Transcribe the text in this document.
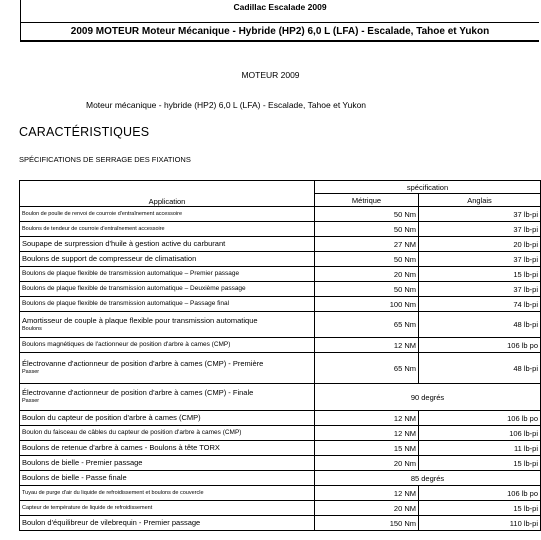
Cadillac Escalade 2009
2009 MOTEUR Moteur Mécanique - Hybride (HP2) 6,0 L (LFA) - Escalade, Tahoe et Yukon
MOTEUR 2009
Moteur mécanique - hybride (HP2) 6,0 L (LFA) - Escalade, Tahoe et Yukon
CARACTÉRISTIQUES
SPÉCIFICATIONS DE SERRAGE DES FIXATIONS
Application	spécification	
	Métrique	Anglais
Boulon de poulie de renvoi de courroie d'entraînement accessoire	50 Nm	37 lb-pi
Boulons de tendeur de courroie d'entraînement accessoire	50 Nm	37 lb-pi
Soupape de surpression d'huile à gestion active du carburant	27 NM	20 lb-pi
Boulons de support de compresseur de climatisation	50 Nm	37 lb-pi
Boulons de plaque flexible de transmission automatique – Premier passage	20 Nm	15 lb-pi
Boulons de plaque flexible de transmission automatique – Deuxième passage	50 Nm	37 lb-pi
Boulons de plaque flexible de transmission automatique – Passage final	100 Nm	74 lb-pi
Amortisseur de couple à plaque flexible pour transmission automatique
Boulons	65 Nm	48 lb-pi
Boulons magnétiques de l'actionneur de position d'arbre à cames (CMP)	12 NM	106 lb po
Électrovanne d'actionneur de position d'arbre à cames (CMP) - Première
Passer	65 Nm	48 lb-pi
Électrovanne d'actionneur de position d'arbre à cames (CMP) - Finale
Passer	90 degrés	
Boulon du capteur de position d'arbre à cames (CMP)	12 NM	106 lb po
Boulon du faisceau de câbles du capteur de position d'arbre à cames (CMP)	12 NM	106 lb-pi
Boulons de retenue d'arbre à cames - Boulons à tête TORX	15 NM	11 lb-pi
Boulons de bielle - Premier passage	20 Nm	15 lb-pi
Boulons de bielle - Passe finale	85 degrés	
Tuyau de purge d'air du liquide de refroidissement et boulons de couvercle	12 NM	106 lb po
Capteur de température de liquide de refroidissement	20 NM	15 lb-pi
Boulon d'équilibreur de vilebrequin - Premier passage	150 Nm	110 lb-pi
